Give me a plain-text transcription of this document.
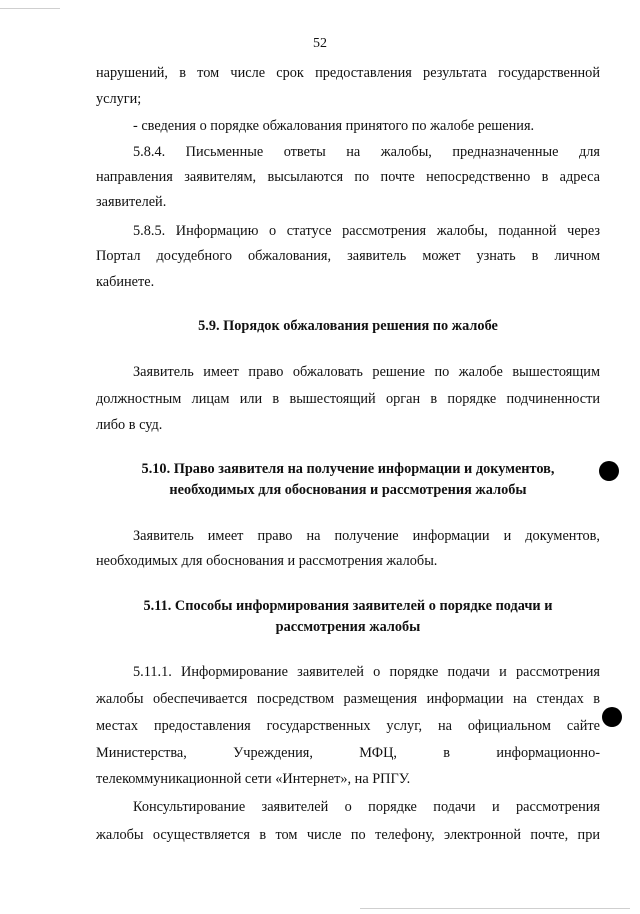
52
нарушений, в том числе срок предоставления результата государственной
услуги;
- сведения о порядке обжалования принятого по жалобе решения.
5.8.4. Письменные ответы на жалобы, предназначенные для
направления заявителям, высылаются по почте непосредственно в адреса
заявителей.
5.8.5. Информацию о статусе рассмотрения жалобы, поданной через
Портал досудебного обжалования, заявитель может узнать в личном
кабинете.
5.9. Порядок обжалования решения по жалобе
Заявитель имеет право обжаловать решение по жалобе вышестоящим
должностным лицам или в вышестоящий орган в порядке подчиненности
либо в суд.
5.10. Право заявителя на получение информации и документов,
необходимых для обоснования и рассмотрения жалобы
Заявитель имеет право на получение информации и документов,
необходимых для обоснования и рассмотрения жалобы.
5.11. Способы информирования заявителей о порядке подачи и
рассмотрения жалобы
5.11.1. Информирование заявителей о порядке подачи и рассмотрения
жалобы обеспечивается посредством размещения информации на стендах в
местах предоставления государственных услуг, на официальном сайте
Министерства, Учреждения, МФЦ, в информационно-
телекоммуникационной сети «Интернет», на РПГУ.
Консультирование заявителей о порядке подачи и рассмотрения
жалобы осуществляется в том числе по телефону, электронной почте, при
